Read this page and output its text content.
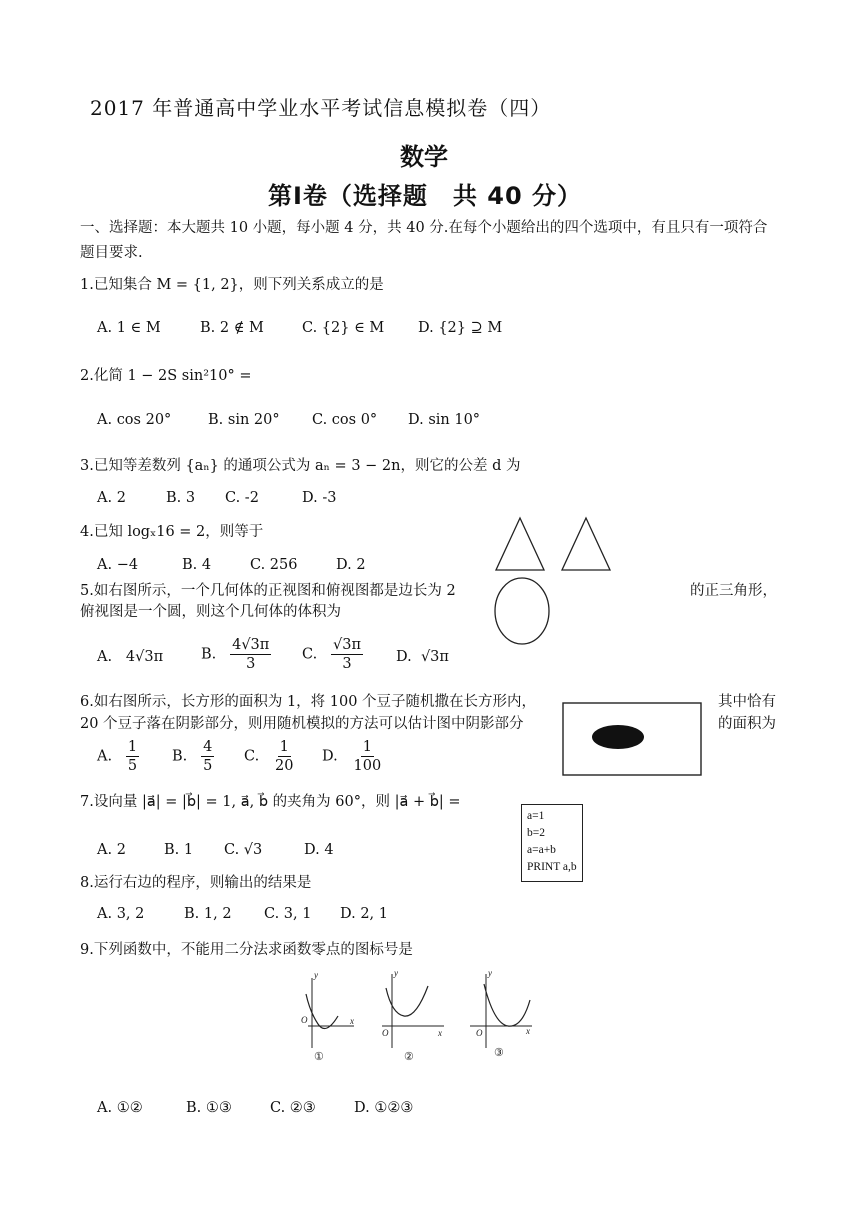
2017 年普通高中学业水平考试信息模拟卷（四）
数学
第Ⅰ卷（选择题　共 40 分）
一、选择题：本大题共 10 小题，每小题 4 分，共 40 分.在每个小题给出的四个选项中，有且只有一项符合
题目要求.
1.已知集合 M = {1, 2}，则下列关系成立的是
A. 1 ∈ M	B. 2 ∉ M	C. {2} ∈ M D. {2} ⊇ M
2.化简 1 − 2S sin²10° =
A. cos 20°	B. sin 20° C. cos 0° D. sin 10°
3.已知等差数列 {aₙ} 的通项公式为 aₙ = 3 − 2n，则它的公差 d 为
A. 2	B. 3 C. -2	D. -3
4.已知 logₓ16 = 2，则等于
A. −4	B. 4	C. 256	D. 2
5.如右图所示，一个几何体的正视图和俯视图都是边长为 2	的正三角形，
俯视图是一个圆，则这个几何体的体积为
A. 4√3π	B. $\frac{4√3\pi}{3} C$. $\frac{√3\pi}{3} D$. √3π
6.如右图所示，长方形的面积为 1，将 100 个豆子随机撒在长方形内，	其中恰有
20 个豆子落在阴影部分，则用随机模拟的方法可以估计图中阴影部分	的面积为
A. $\frac{1}{5} B$. $\frac{4}{5} C$. $\frac{1}{20} D$. $\frac{1}{100}$
7.设向量 |a⃗| = |b⃗| = 1, a⃗, b⃗ 的夹角为 60°，则 |a⃗ + b⃗| =
A. 2	B. 1 C. √3	D. 4
a=1
b=2
a=a+b
PRINT a,b
8.运行右边的程序，则输出的结果是
A. 3, 2	B. 1, 2 C. 3, 1 D. 2, 1
9.下列函数中，不能用二分法求函数零点的图标号是
y
x
O
①
y
x
O
②
y
x
O
③
A. ①②	B. ①③	C. ②③	D. ①②③
